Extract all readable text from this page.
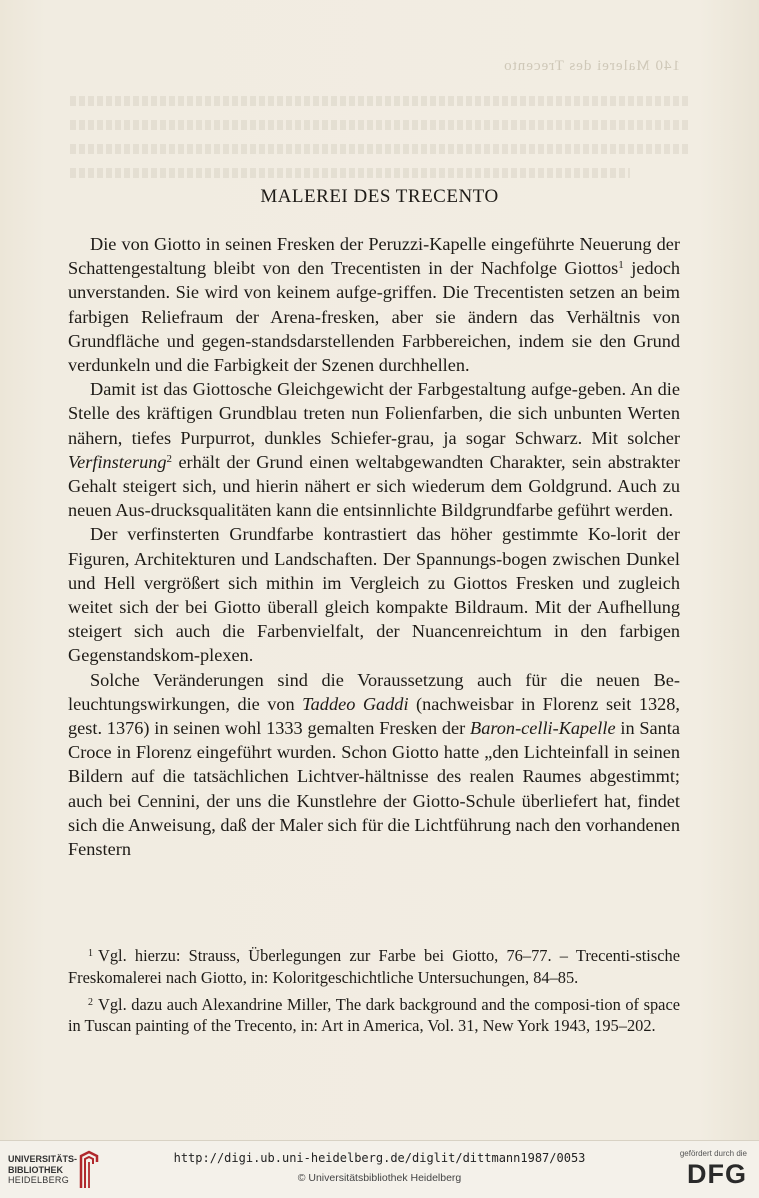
140 Malerei des Trecento
MALEREI DES TRECENTO

Die von Giotto in seinen Fresken der Peruzzi-Kapelle eingeführte Neuerung der Schattengestaltung bleibt von den Trecentisten in der Nachfolge Giottos$^1$ jedoch unverstanden. Sie wird von keinem aufge-griffen. Die Trecentisten setzen an beim farbigen Reliefraum der Arena-fresken, aber sie ändern das Verhältnis von Grundfläche und gegen-standsdarstellenden Farbbereichen, indem sie den Grund verdunkeln und die Farbigkeit der Szenen durchhellen.

Damit ist das Giottosche Gleichgewicht der Farbgestaltung aufge-geben. An die Stelle des kräftigen Grundblau treten nun Folienfarben, die sich unbunten Werten nähern, tiefes Purpurrot, dunkles Schiefer-grau, ja sogar Schwarz. Mit solcher Verfinsterung$^2$ erhält der Grund einen weltabgewandten Charakter, sein abstrakter Gehalt steigert sich, und hierin nähert er sich wiederum dem Goldgrund. Auch zu neuen Aus-drucksqualitäten kann die entsinnlichte Bildgrundfarbe geführt werden.

Der verfinsterten Grundfarbe kontrastiert das höher gestimmte Ko-lorit der Figuren, Architekturen und Landschaften. Der Spannungs-bogen zwischen Dunkel und Hell vergrößert sich mithin im Vergleich zu Giottos Fresken und zugleich weitet sich der bei Giotto überall gleich kompakte Bildraum. Mit der Aufhellung steigert sich auch die Farbenvielfalt, der Nuancenreichtum in den farbigen Gegenstandskom-plexen.

Solche Veränderungen sind die Voraussetzung auch für die neuen Be-leuchtungswirkungen, die von Taddeo Gaddi (nachweisbar in Florenz seit 1328, gest. 1376) in seinen wohl 1333 gemalten Fresken der Baron-celli-Kapelle in Santa Croce in Florenz eingeführt wurden. Schon Giotto hatte „den Lichteinfall in seinen Bildern auf die tatsächlichen Lichtver-hältnisse des realen Raumes abgestimmt; auch bei Cennini, der uns die Kunstlehre der Giotto-Schule überliefert hat, findet sich die Anweisung, daß der Maler sich für die Lichtführung nach den vorhandenen Fenstern

$^1$ Vgl. hierzu: Strauss, Überlegungen zur Farbe bei Giotto, 76–77. – Trecenti-stische Freskomalerei nach Giotto, in: Koloritgeschichtliche Untersuchungen, 84–85.

$^2$ Vgl. dazu auch Alexandrine Miller, The dark background and the composi-tion of space in Tuscan painting of the Trecento, in: Art in America, Vol. 31, New York 1943, 195–202.

UNIVERSITÄTS-
BIBLIOTHEK
HEIDELBERG
http://digi.ub.uni-heidelberg.de/diglit/dittmann1987/0053
© Universitätsbibliothek Heidelberg
gefördert durch die
DFG
